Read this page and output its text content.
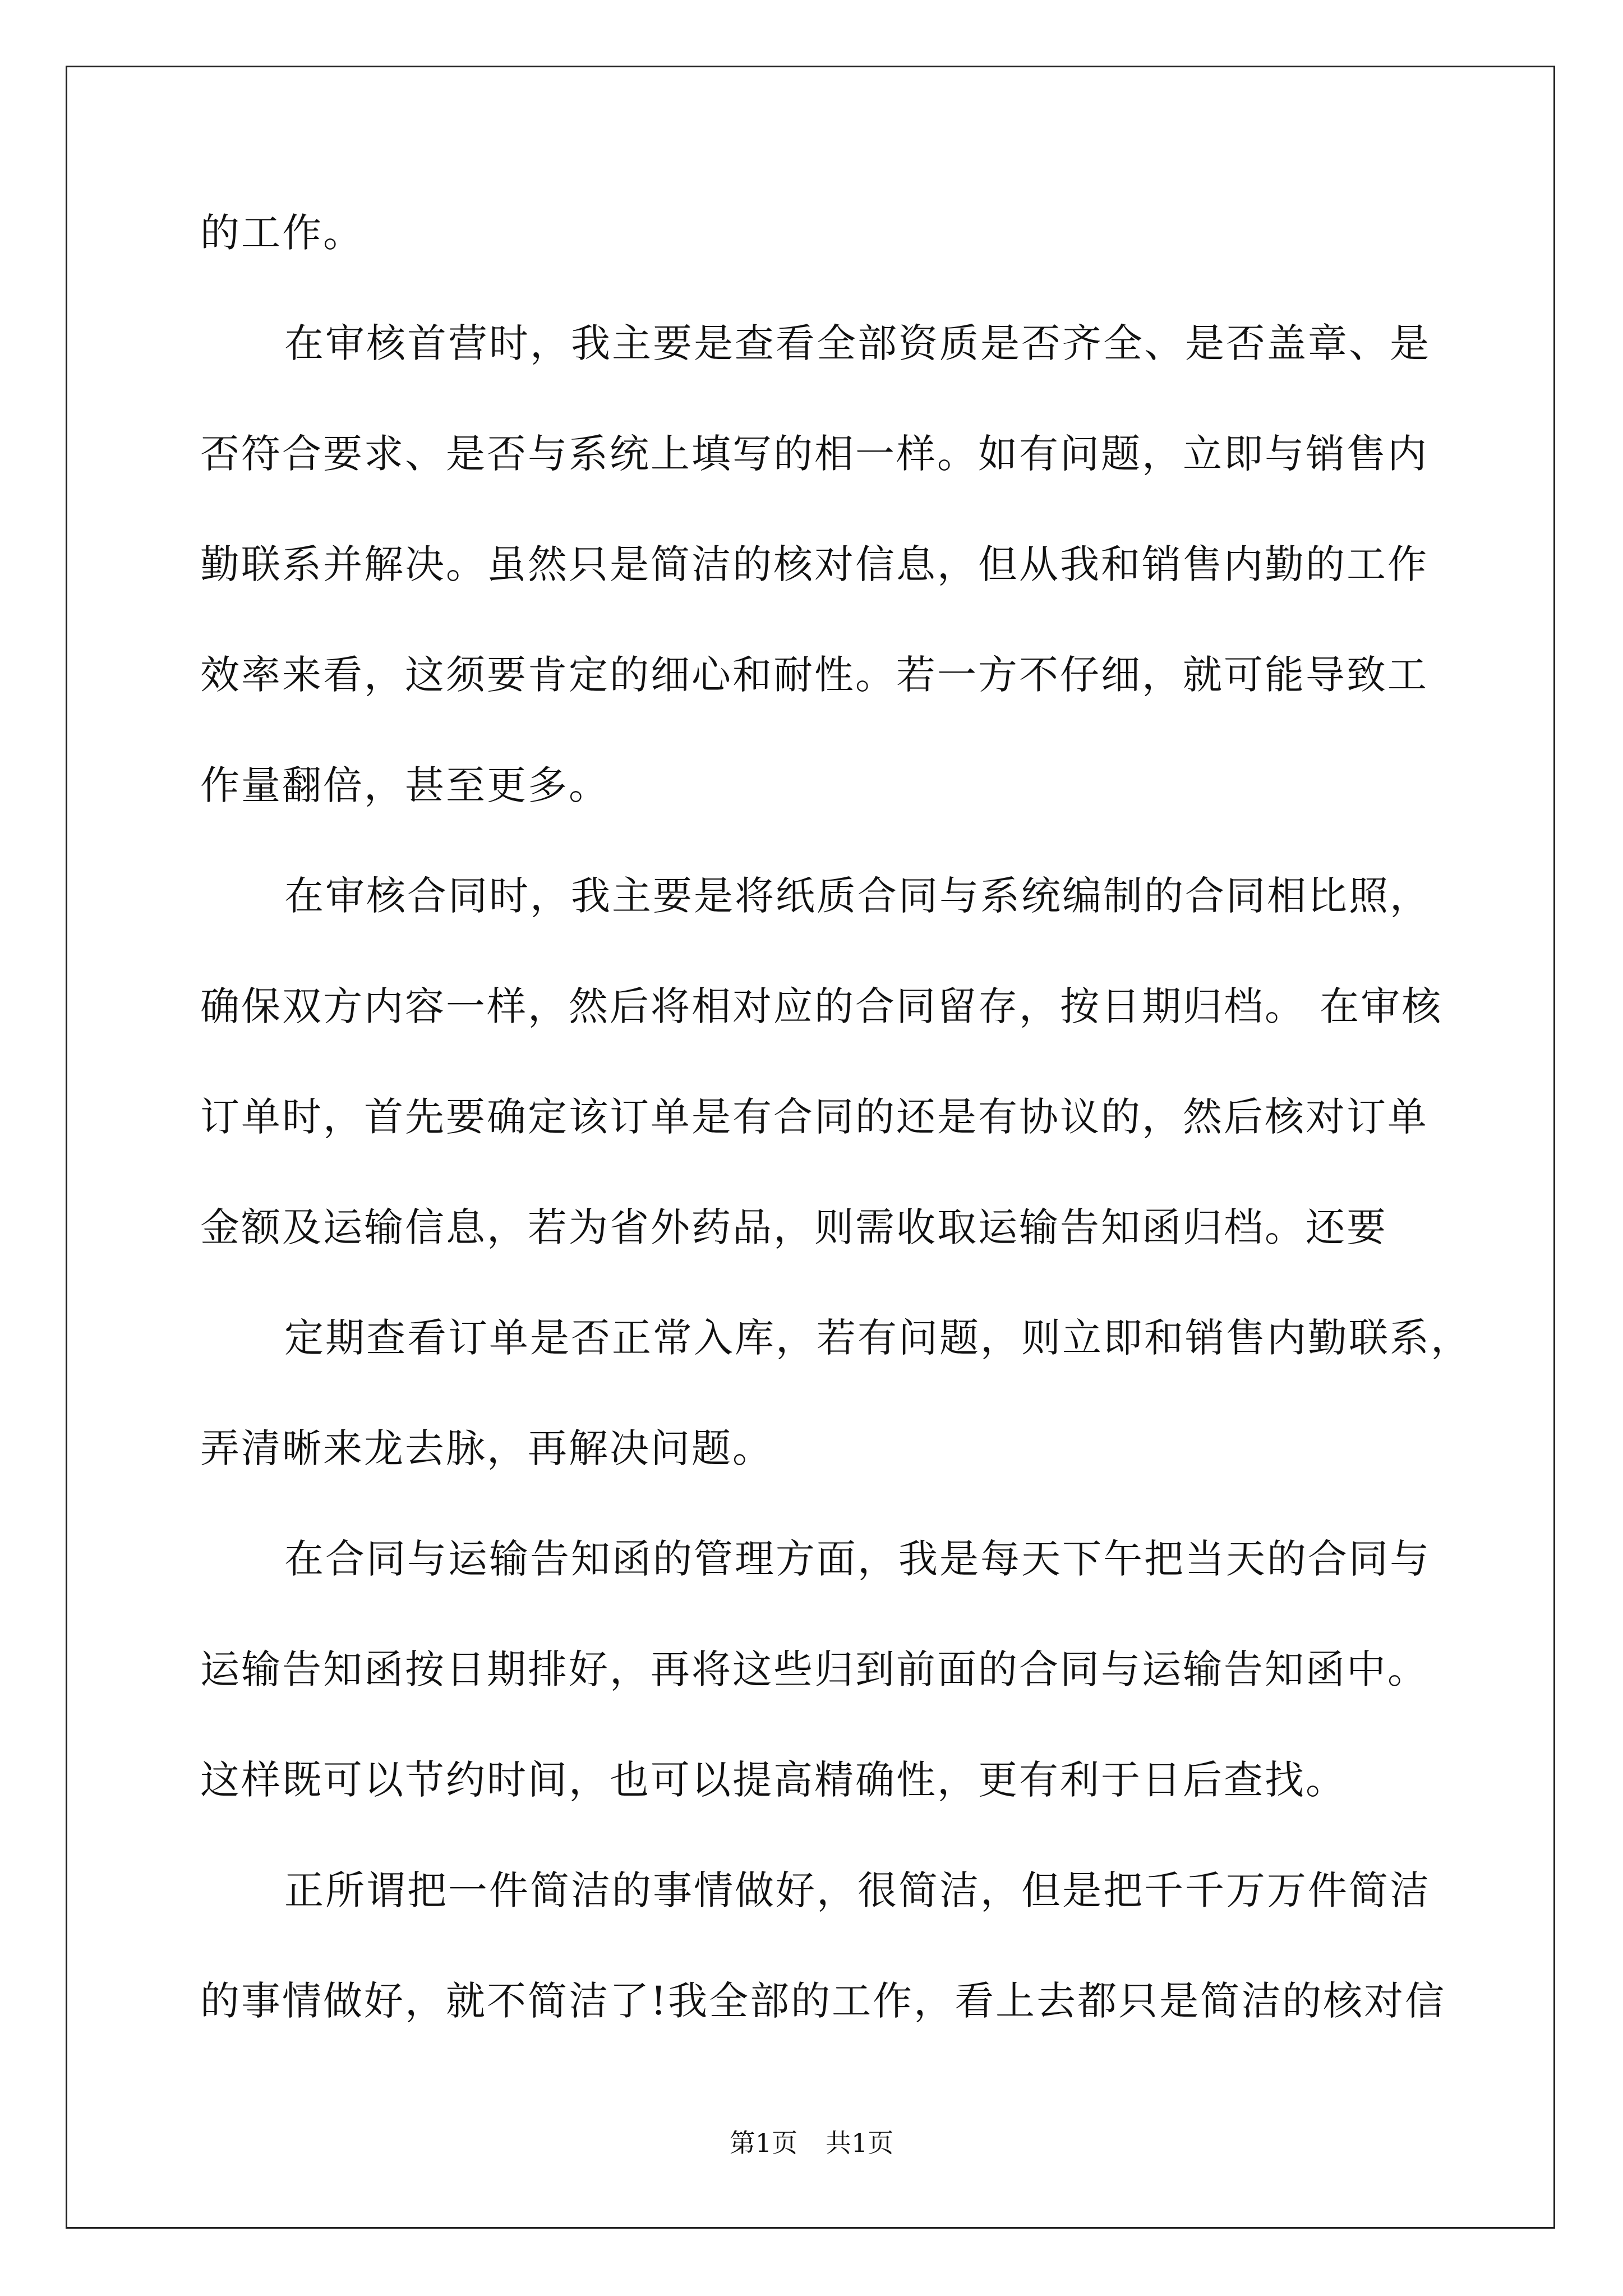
的工作。
在审核首营时，我主要是查看全部资质是否齐全、是否盖章、是
否符合要求、是否与系统上填写的相一样。如有问题，立即与销售内
勤联系并解决。虽然只是简洁的核对信息，但从我和销售内勤的工作
效率来看，这须要肯定的细心和耐性。若一方不仔细，就可能导致工
作量翻倍，甚至更多。
在审核合同时，我主要是将纸质合同与系统编制的合同相比照，
确保双方内容一样，然后将相对应的合同留存，按日期归档。 在审核
订单时，首先要确定该订单是有合同的还是有协议的，然后核对订单
金额及运输信息，若为省外药品，则需收取运输告知函归档。还要
定期查看订单是否正常入库，若有问题，则立即和销售内勤联系，
弄清晰来龙去脉，再解决问题。
在合同与运输告知函的管理方面，我是每天下午把当天的合同与
运输告知函按日期排好，再将这些归到前面的合同与运输告知函中。
这样既可以节约时间，也可以提高精确性，更有利于日后查找。
正所谓把一件简洁的事情做好，很简洁，但是把千千万万件简洁
的事情做好，就不简洁了!我全部的工作，看上去都只是简洁的核对信
第1页 共1页
